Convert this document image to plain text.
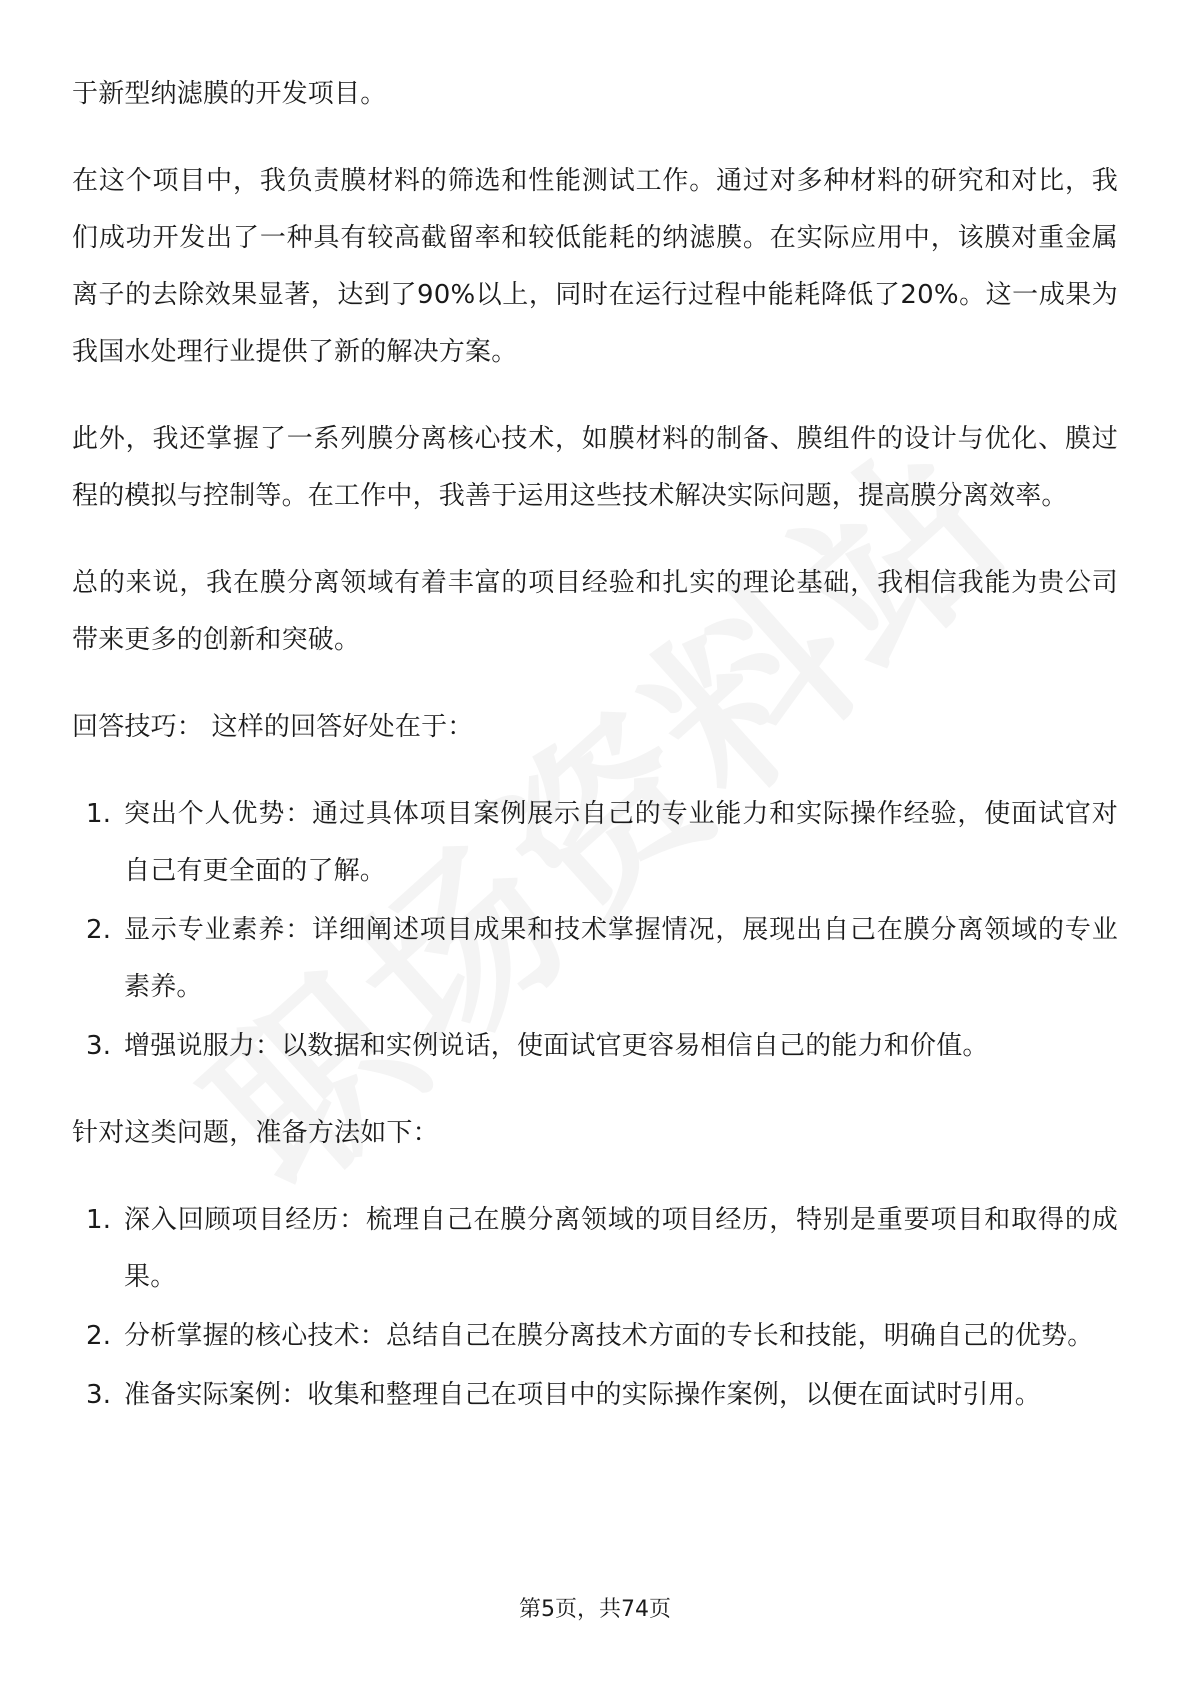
于新型纳滤膜的开发项目。

在这个项目中，我负责膜材料的筛选和性能测试工作。通过对多种材料的研究和对比，我们成功开发出了一种具有较高截留率和较低能耗的纳滤膜。在实际应用中，该膜对重金属离子的去除效果显著，达到了90%以上，同时在运行过程中能耗降低了20%。这一成果为我国水处理行业提供了新的解决方案。

此外，我还掌握了一系列膜分离核心技术，如膜材料的制备、膜组件的设计与优化、膜过程的模拟与控制等。在工作中，我善于运用这些技术解决实际问题，提高膜分离效率。

总的来说，我在膜分离领域有着丰富的项目经验和扎实的理论基础，我相信我能为贵公司带来更多的创新和突破。

回答技巧： 这样的回答好处在于：

1. 突出个人优势：通过具体项目案例展示自己的专业能力和实际操作经验，使面试官对自己有更全面的了解。
2. 显示专业素养：详细阐述项目成果和技术掌握情况，展现出自己在膜分离领域的专业素养。
3. 增强说服力：以数据和实例说话，使面试官更容易相信自己的能力和价值。

针对这类问题，准备方法如下：

1. 深入回顾项目经历：梳理自己在膜分离领域的项目经历，特别是重要项目和取得的成果。
2. 分析掌握的核心技术：总结自己在膜分离技术方面的专长和技能，明确自己的优势。
3. 准备实际案例：收集和整理自己在项目中的实际操作案例，以便在面试时引用。
第5页，共74页
